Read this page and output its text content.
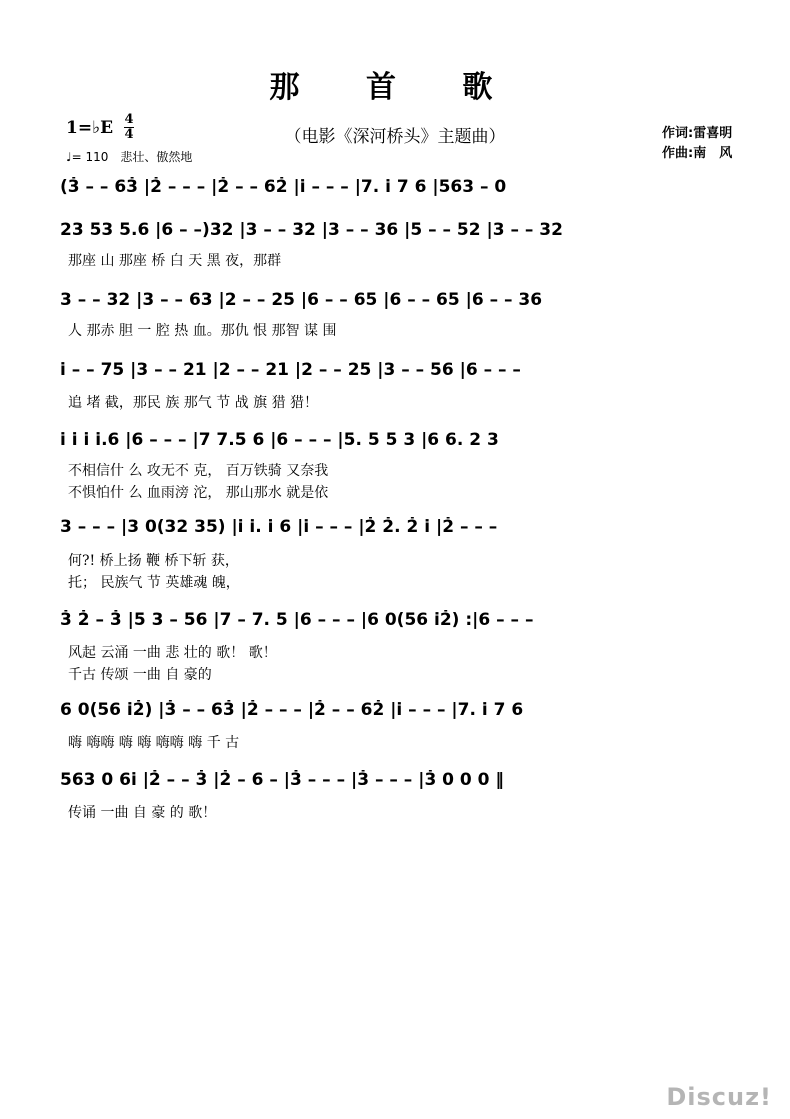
那 首 歌
（电影《深河桥头》主题曲）
1=♭E 4
4
♩= 110　悲壮、傲然地
作词:雷喜明
作曲:南　风
(3̇ – – 63̇ |2̇ – – – |2̇ – – 62̇ |i̇ – – – |7. i̇ 7 6 |563 – 0
23 53 5.6 |6 – –)32 |3 – – 32 |3 – – 36 |5 – – 52 |3 – – 32
那座 山 那座 桥 白 天 黑 夜，那群
3 – – 32 |3 – – 63 |2 – – 25 |6 – – 65 |6 – – 65 |6 – – 36
人 那赤 胆 一 腔 热 血。那仇 恨 那智 谋 围
i̇ – – 75 |3 – – 21 |2 – – 21 |2 – – 25 |3 – – 56 |6 – – –
追 堵 截，那民 族 那气 节 战 旗 猎 猎！
i̇ i̇ i̇ i̇.6 |6 – – – |7 7.5 6 |6 – – – |5. 5 5 3 |6 6. 2 3
不相信什 么 攻无不 克， 百万铁骑 又奈我
不惧怕什 么 血雨滂 沱， 那山那水 就是依
3 – – – |3 0(32 35) |i̇ i̇. i̇ 6 |i̇ – – – |2̇ 2̇. 2̇ i̇ |2̇ – – –
何?! 桥上扬 鞭 桥下斩 获，
托； 民族气 节 英雄魂 魄，
3̇ 2̇ – 3̇ |5 3 – 56 |7 – 7. 5 |6 – – – |6 0(56 i̇2̇) :|6 – – –
风起 云涌 一曲 悲 壮的 歌！ 歌！
千古 传颂 一曲 自 豪的
6 0(56 i̇2̇) |3̇ – – 63̇ |2̇ – – – |2̇ – – 62̇ |i̇ – – – |7. i̇ 7 6
嗨 嗨嗨 嗨 嗨 嗨嗨 嗨 千 古
563 0 6i̇ |2̇ – – 3̇ |2̇ – 6 – |3̇ – – – |3̇ – – – |3̇ 0 0 0 ‖
传诵 一曲 自 豪 的 歌！
Discuz!
